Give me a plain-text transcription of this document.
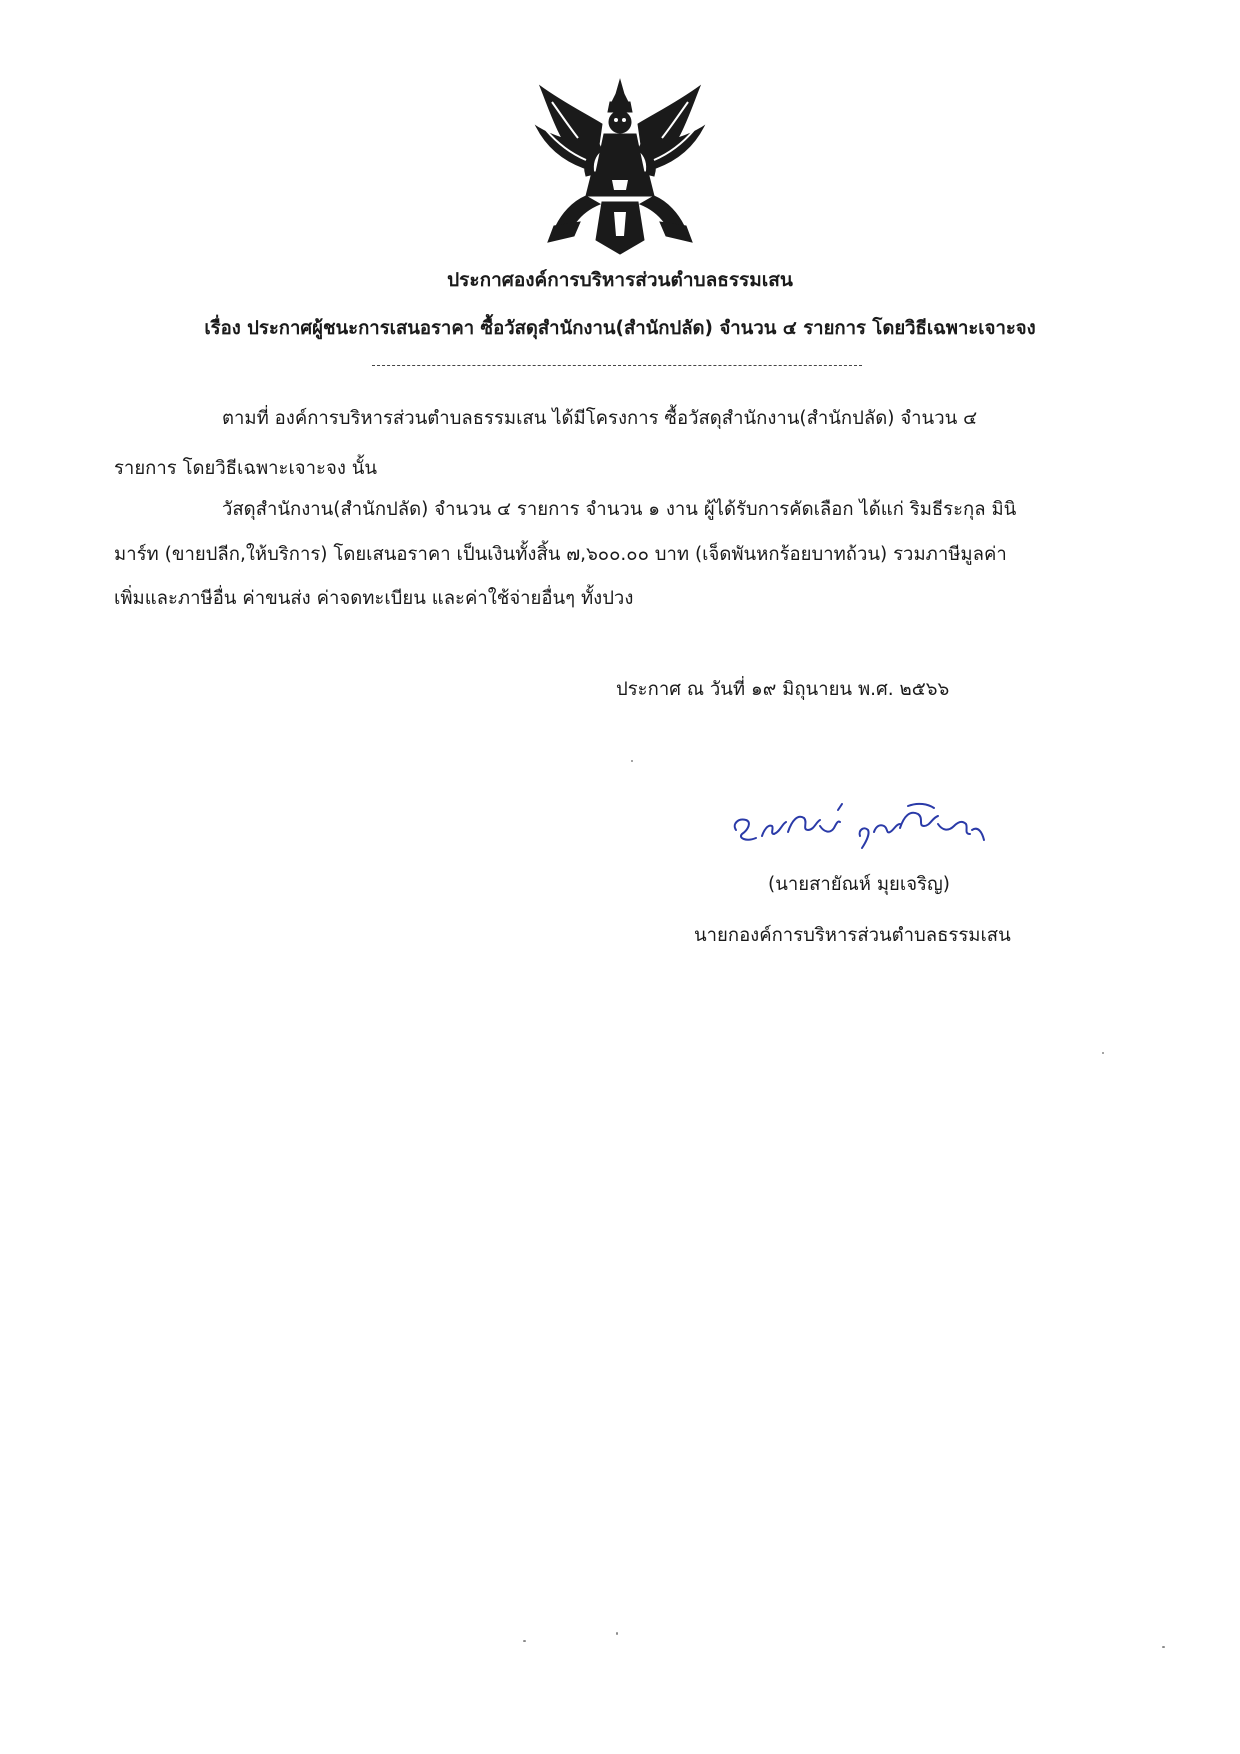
ประกาศองค์การบริหารส่วนตำบลธรรมเสน
เรื่อง ประกาศผู้ชนะการเสนอราคา ซื้อวัสดุสำนักงาน(สำนักปลัด) จำนวน ๔ รายการ โดยวิธีเฉพาะเจาะจง
ตามที่ องค์การบริหารส่วนตำบลธรรมเสน ได้มีโครงการ ซื้อวัสดุสำนักงาน(สำนักปลัด) จำนวน ๔
รายการ โดยวิธีเฉพาะเจาะจง นั้น
วัสดุสำนักงาน(สำนักปลัด) จำนวน ๔ รายการ จำนวน ๑ งาน ผู้ได้รับการคัดเลือก ได้แก่ ริมธีระกุล มินิ
มาร์ท (ขายปลีก,ให้บริการ) โดยเสนอราคา เป็นเงินทั้งสิ้น ๗,๖๐๐.๐๐ บาท (เจ็ดพันหกร้อยบาทถ้วน) รวมภาษีมูลค่า
เพิ่มและภาษีอื่น ค่าขนส่ง ค่าจดทะเบียน และค่าใช้จ่ายอื่นๆ ทั้งปวง
ประกาศ ณ วันที่ ๑๙ มิถุนายน พ.ศ. ๒๕๖๖
(นายสายัณห์ มุยเจริญ)
นายกองค์การบริหารส่วนตำบลธรรมเสน
